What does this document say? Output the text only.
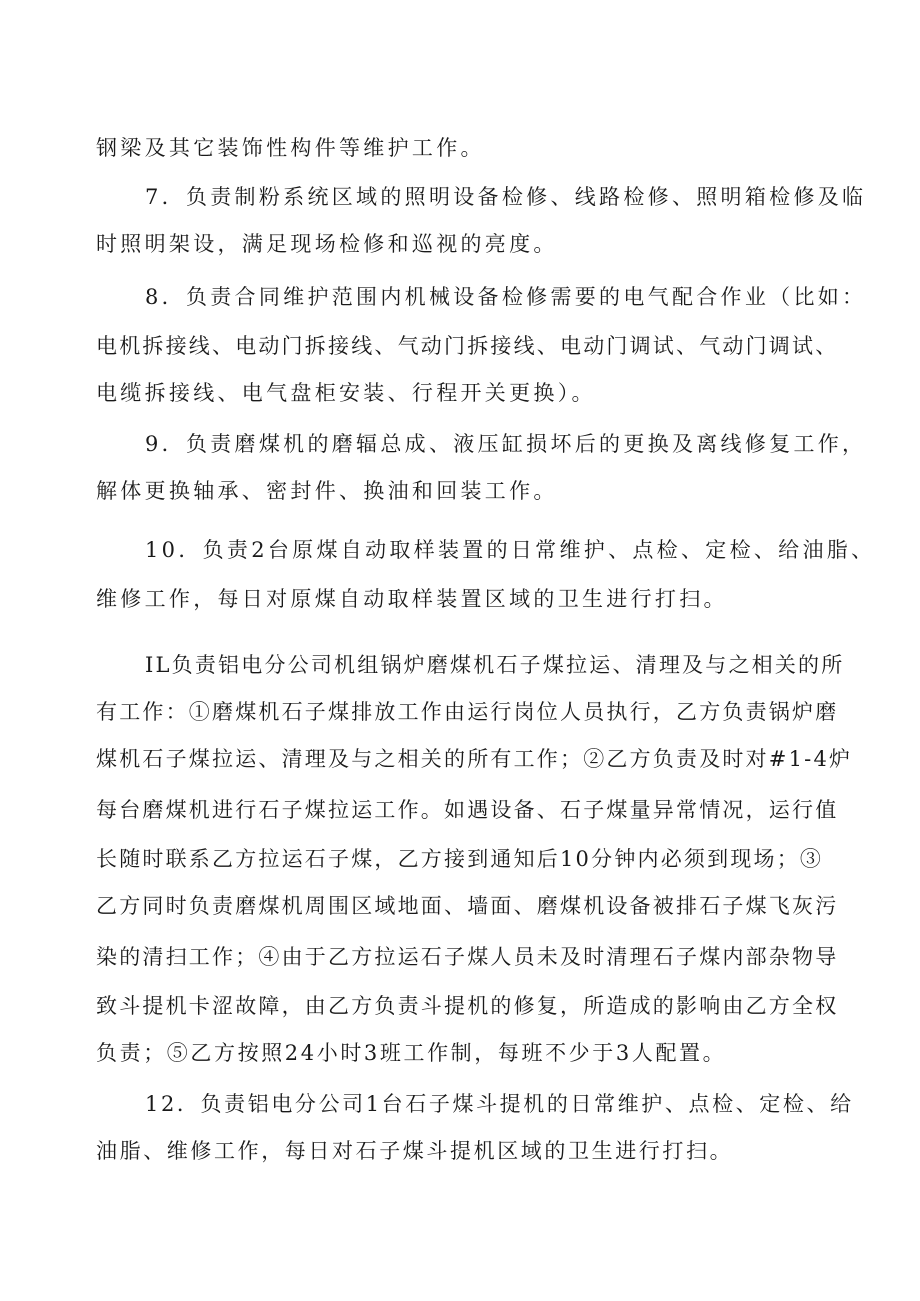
钢梁及其它装饰性构件等维护工作。
7．负责制粉系统区域的照明设备检修、线路检修、照明箱检修及临
时照明架设，满足现场检修和巡视的亮度。
8．负责合同维护范围内机械设备检修需要的电气配合作业（比如：
电机拆接线、电动门拆接线、气动门拆接线、电动门调试、气动门调试、
电缆拆接线、电气盘柜安装、行程开关更换）。
9．负责磨煤机的磨辐总成、液压缸损坏后的更换及离线修复工作，
解体更换轴承、密封件、换油和回装工作。
10．负责2台原煤自动取样装置的日常维护、点检、定检、给油脂、
维修工作，每日对原煤自动取样装置区域的卫生进行打扫。
IL负责铝电分公司机组锅炉磨煤机石子煤拉运、清理及与之相关的所
有工作：①磨煤机石子煤排放工作由运行岗位人员执行，乙方负责锅炉磨
煤机石子煤拉运、清理及与之相关的所有工作；②乙方负责及时对#1-4炉
每台磨煤机进行石子煤拉运工作。如遇设备、石子煤量异常情况，运行值
长随时联系乙方拉运石子煤，乙方接到通知后10分钟内必须到现场；③
乙方同时负责磨煤机周围区域地面、墙面、磨煤机设备被排石子煤飞灰污
染的清扫工作；④由于乙方拉运石子煤人员未及时清理石子煤内部杂物导
致斗提机卡涩故障，由乙方负责斗提机的修复，所造成的影响由乙方全权
负责；⑤乙方按照24小时3班工作制，每班不少于3人配置。
12．负责铝电分公司1台石子煤斗提机的日常维护、点检、定检、给
油脂、维修工作，每日对石子煤斗提机区域的卫生进行打扫。
